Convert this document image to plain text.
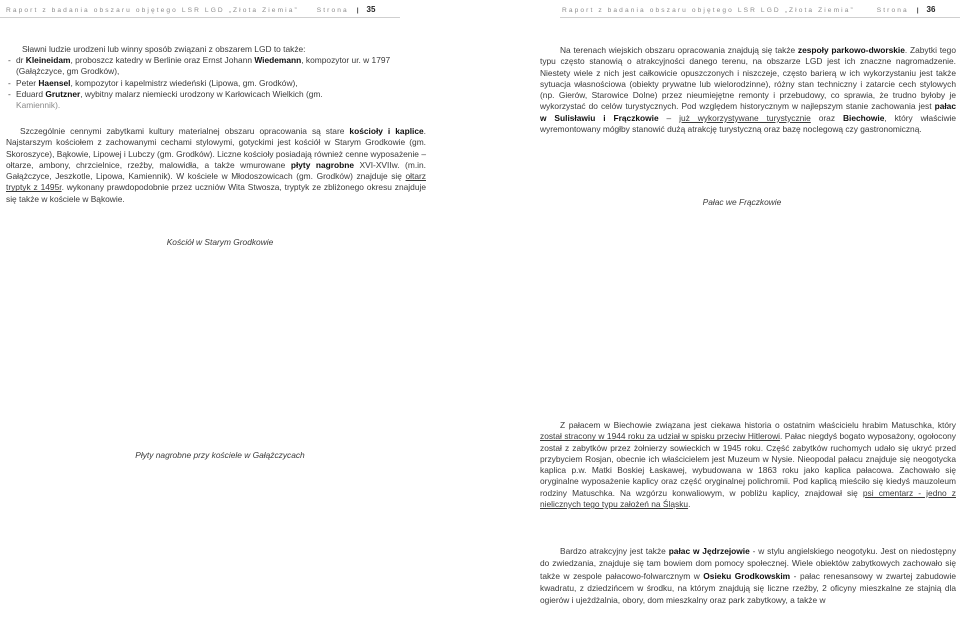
Raport z badania obszaru objętego LSR LGD „Złota Ziemia”	Strona | 35

Sławni ludzie urodzeni lub winny sposób związani z obszarem LGD to także:

- dr Kleineidam, proboszcz katedry w Berlinie oraz Ernst Johann Wiedemann, kompozytor ur. w 1797 (Gałążczyce, gm Grodków),
- Peter Haensel, kompozytor i kapelmistrz wiedeński (Lipowa, gm. Grodków),
- Eduard Grutzner, wybitny malarz niemiecki urodzony w Karłowicach Wielkich (gm.
Kamiennik).

Szczególnie cennymi zabytkami kultury materialnej obszaru opracowania są stare kościoły i kaplice. Najstarszym kościołem z zachowanymi cechami stylowymi, gotyckimi jest kościół w Starym Grodkowie (gm. Skoroszyce), Bąkowie, Lipowej i Lubczy (gm. Grodków). Liczne kościoły posiadają również cenne wyposażenie – ołtarze, ambony, chrzcielnice, rzeźby, malowidła, a także wmurowane płyty nagrobne XVI-XVIIw. (m.in. Gałążczyce, Jeszkotle, Lipowa, Kamiennik). W kościele w Młodoszowicach (gm. Grodków) znajduje się ołtarz tryptyk z 1495r. wykonany prawdopodobnie przez uczniów Wita Stwosza, tryptyk ze zbliżonego okresu znajduje się także w kościele w Bąkowie.

Kościół w Starym Grodkowie

Płyty nagrobne przy kościele w Gałążczycach

Raport z badania obszaru objętego LSR LGD „Złota Ziemia”	Strona | 36

Na terenach wiejskich obszaru opracowania znajdują się także zespoły parkowo-dworskie. Zabytki tego typu często stanowią o atrakcyjności danego terenu, na obszarze LGD jest ich znaczne nagromadzenie. Niestety wiele z nich jest całkowicie opuszczonych i niszczeje, często barierą w ich wykorzystaniu jest także sytuacja własnościowa (obiekty prywatne lub wielorodzinne), różny stan techniczny i zatarcie cech stylowych (np. Gierów, Starowice Dolne) przez nieumiejętne remonty i przebudowy, co sprawia, że trudno byłoby je wykorzystać do celów turystycznych. Pod względem historycznym w najlepszym stanie zachowania jest pałac w Sulisławiu i Frączkowie – już wykorzystywane turystycznie oraz Biechowie, który właściwie wyremontowany mógłby stanowić dużą atrakcję turystyczną oraz bazę noclegową czy gastronomiczną.

Pałac we Frączkowie

Z pałacem w Biechowie związana jest ciekawa historia o ostatnim właścicielu hrabim Matuschka, który został stracony w 1944 roku za udział w spisku przeciw Hitlerowi. Pałac niegdyś bogato wyposażony, ogołocony został z zabytków przez żołnierzy sowieckich w 1945 roku. Część zabytków ruchomych udało się ukryć przed przybyciem Rosjan, obecnie ich właścicielem jest Muzeum w Nysie. Nieopodal pałacu znajduje się neogotycka kaplica p.w. Matki Boskiej Łaskawej, wybudowana w 1863 roku jako kaplica pałacowa. Zachowało się oryginalne wyposażenie kaplicy oraz część oryginalnej polichromii. Pod kaplicą mieściło się kiedyś mauzoleum rodziny Matuschka. Na wzgórzu konwaliowym, w pobliżu kaplicy, znajdował się psi cmentarz - jedno z nielicznych tego typu założeń na Śląsku.

Bardzo atrakcyjny jest także pałac w Jędrzejowie - w stylu angielskiego neogotyku. Jest on niedostępny do zwiedzania, znajduje się tam bowiem dom pomocy społecznej. Wiele obiektów zabytkowych zachowało się także w zespole pałacowo-folwarcznym w Osieku Grodkowskim - pałac renesansowy w zwartej zabudowie kwadratu, z dziedzińcem w środku, na którym znajdują się liczne rzeźby, 2 oficyny mieszkalne ze stajnią dla ogierów i ujeżdżalnia, obory, dom mieszkalny oraz park zabytkowy, a także w
